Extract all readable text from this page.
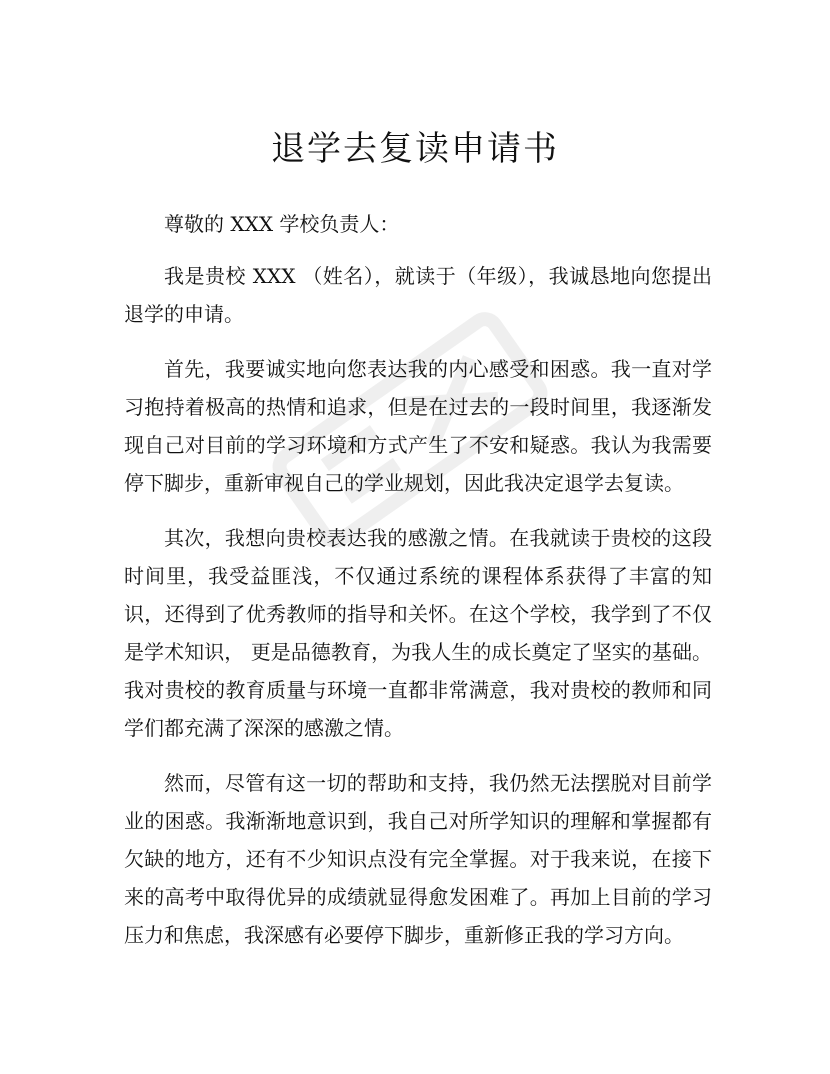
退学去复读申请书

尊敬的 XXX 学校负责人：

我是贵校 XXX （姓名），就读于（年级），我诚恳地向您提出退学的申请。

首先，我要诚实地向您表达我的内心感受和困惑。我一直对学习抱持着极高的热情和追求，但是在过去的一段时间里，我逐渐发现自己对目前的学习环境和方式产生了不安和疑惑。我认为我需要停下脚步，重新审视自己的学业规划，因此我决定退学去复读。

其次，我想向贵校表达我的感激之情。在我就读于贵校的这段时间里，我受益匪浅，不仅通过系统的课程体系获得了丰富的知识，还得到了优秀教师的指导和关怀。在这个学校，我学到了不仅是学术知识， 更是品德教育，为我人生的成长奠定了坚实的基础。我对贵校的教育质量与环境一直都非常满意，我对贵校的教师和同学们都充满了深深的感激之情。

然而，尽管有这一切的帮助和支持，我仍然无法摆脱对目前学业的困惑。我渐渐地意识到，我自己对所学知识的理解和掌握都有欠缺的地方，还有不少知识点没有完全掌握。对于我来说，在接下来的高考中取得优异的成绩就显得愈发困难了。再加上目前的学习压力和焦虑，我深感有必要停下脚步，重新修正我的学习方向。
